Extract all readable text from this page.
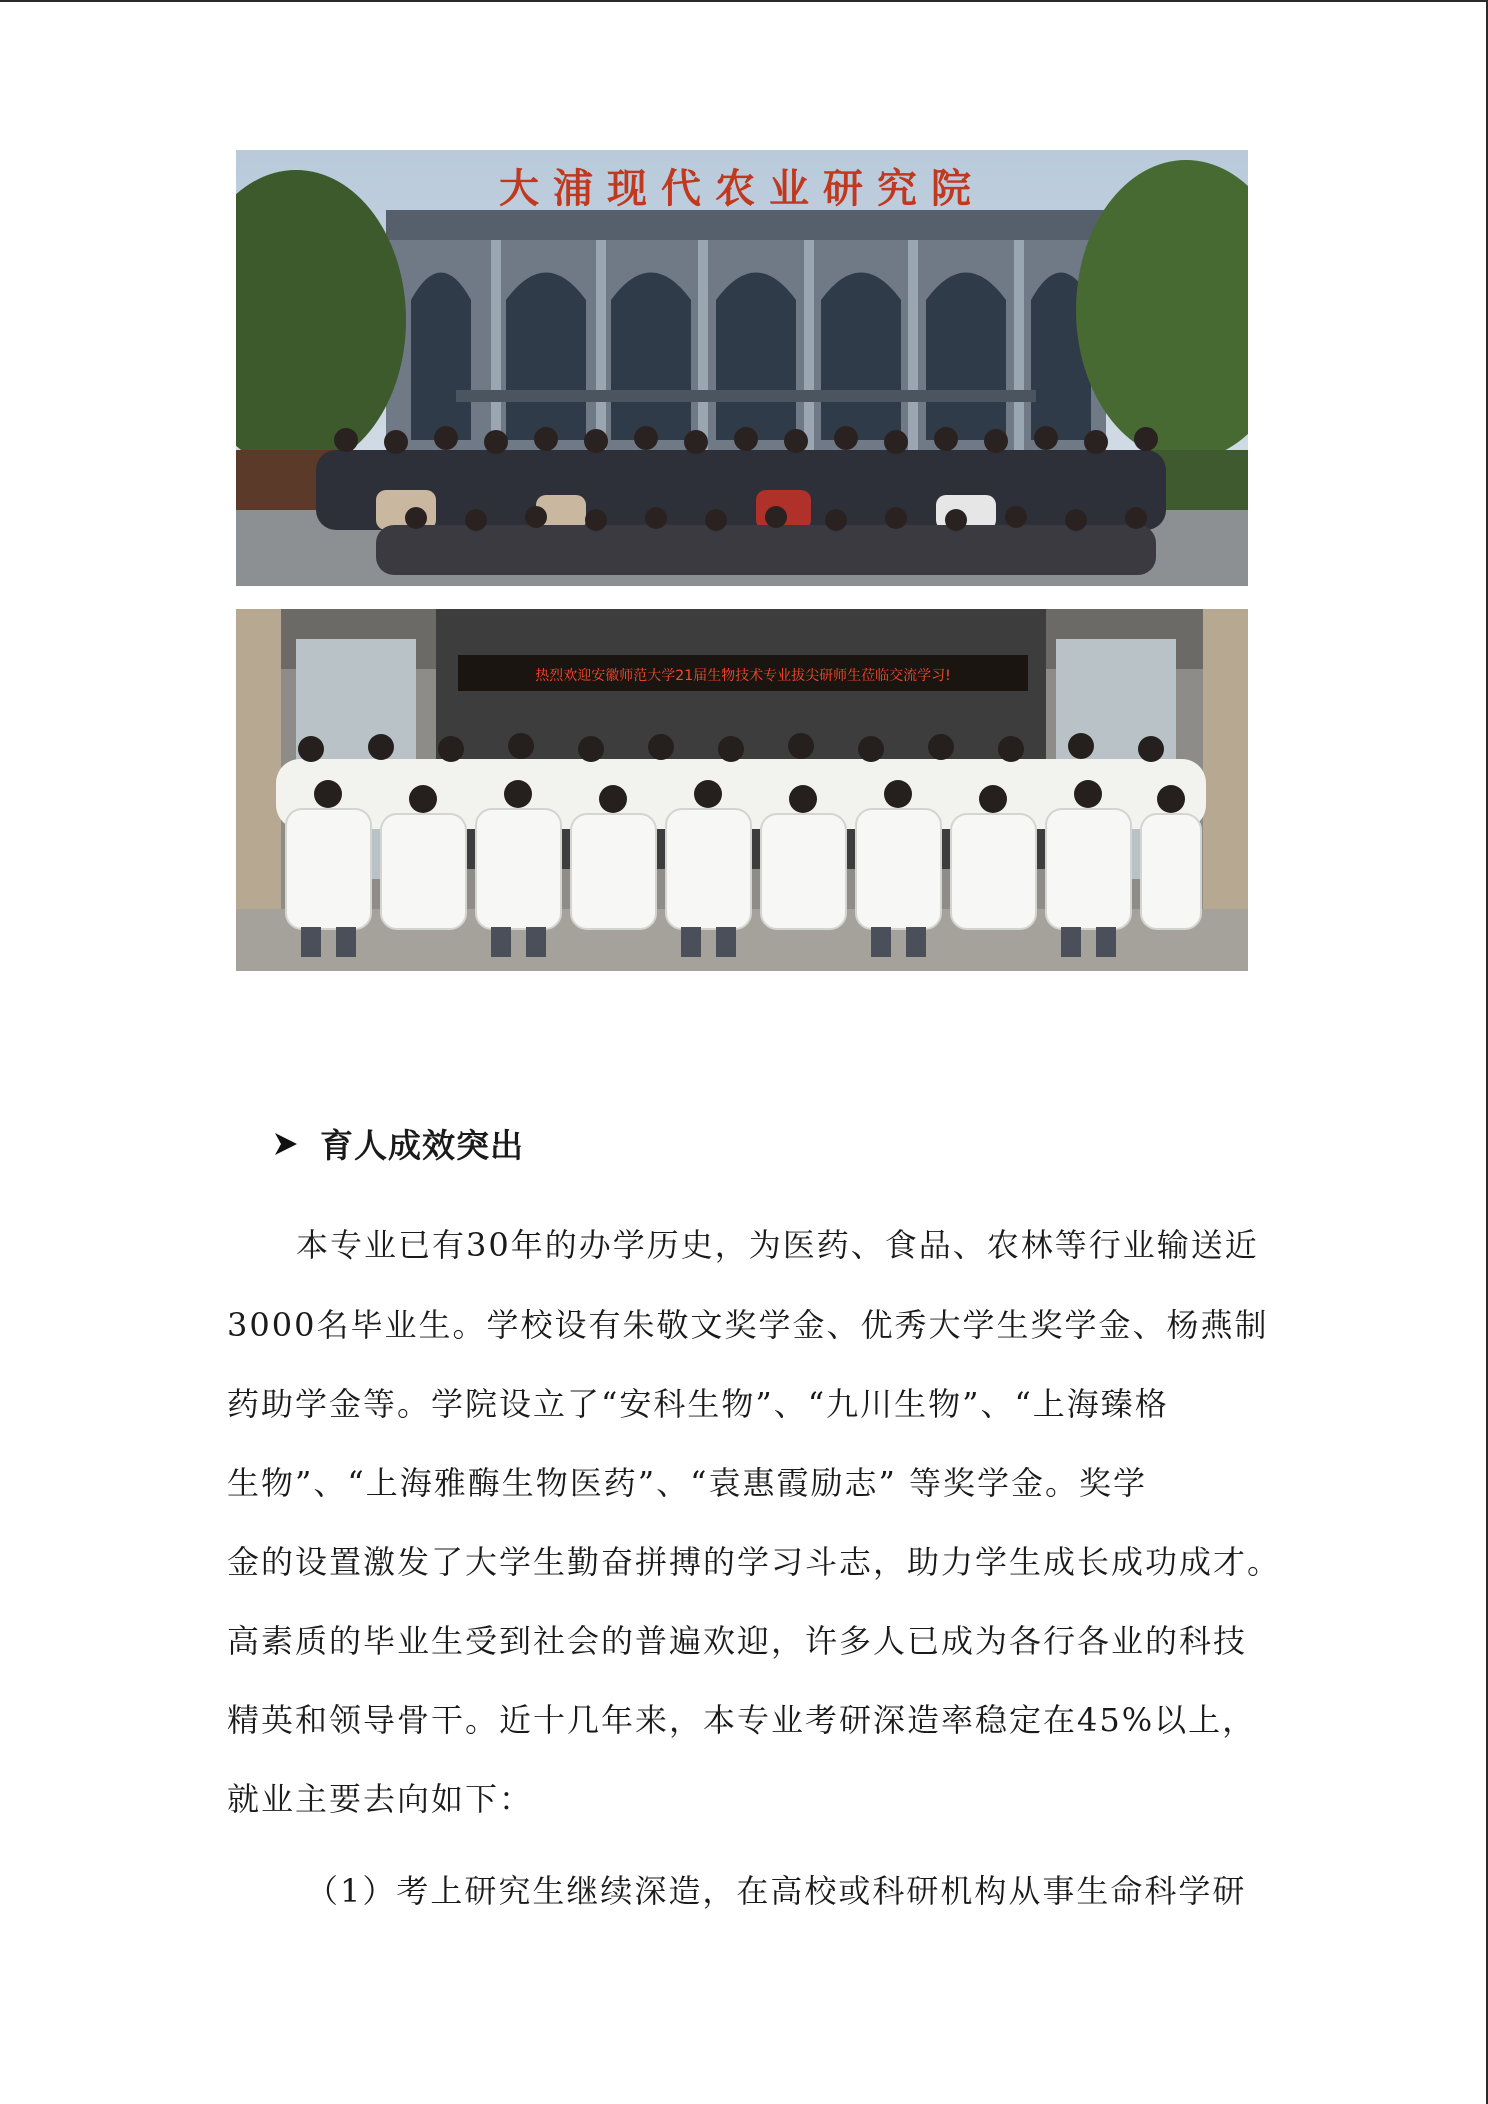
大浦现代农业研究院
热烈欢迎安徽师范大学21届生物技术专业拔尖研师生莅临交流学习!
育人成效突出
本专业已有30年的办学历史，为医药、食品、农林等行业输送近
3000名毕业生。学校设有朱敬文奖学金、优秀大学生奖学金、杨燕制
药助学金等。学院设立了“安科生物”、“九川生物”、“上海臻格
生物”、“上海雅酶生物医药”、“袁惠霞励志” 等奖学金。奖学
金的设置激发了大学生勤奋拼搏的学习斗志，助力学生成长成功成才。
高素质的毕业生受到社会的普遍欢迎，许多人已成为各行各业的科技
精英和领导骨干。近十几年来，本专业考研深造率稳定在45%以上，
就业主要去向如下：
（1）考上研究生继续深造，在高校或科研机构从事生命科学研
